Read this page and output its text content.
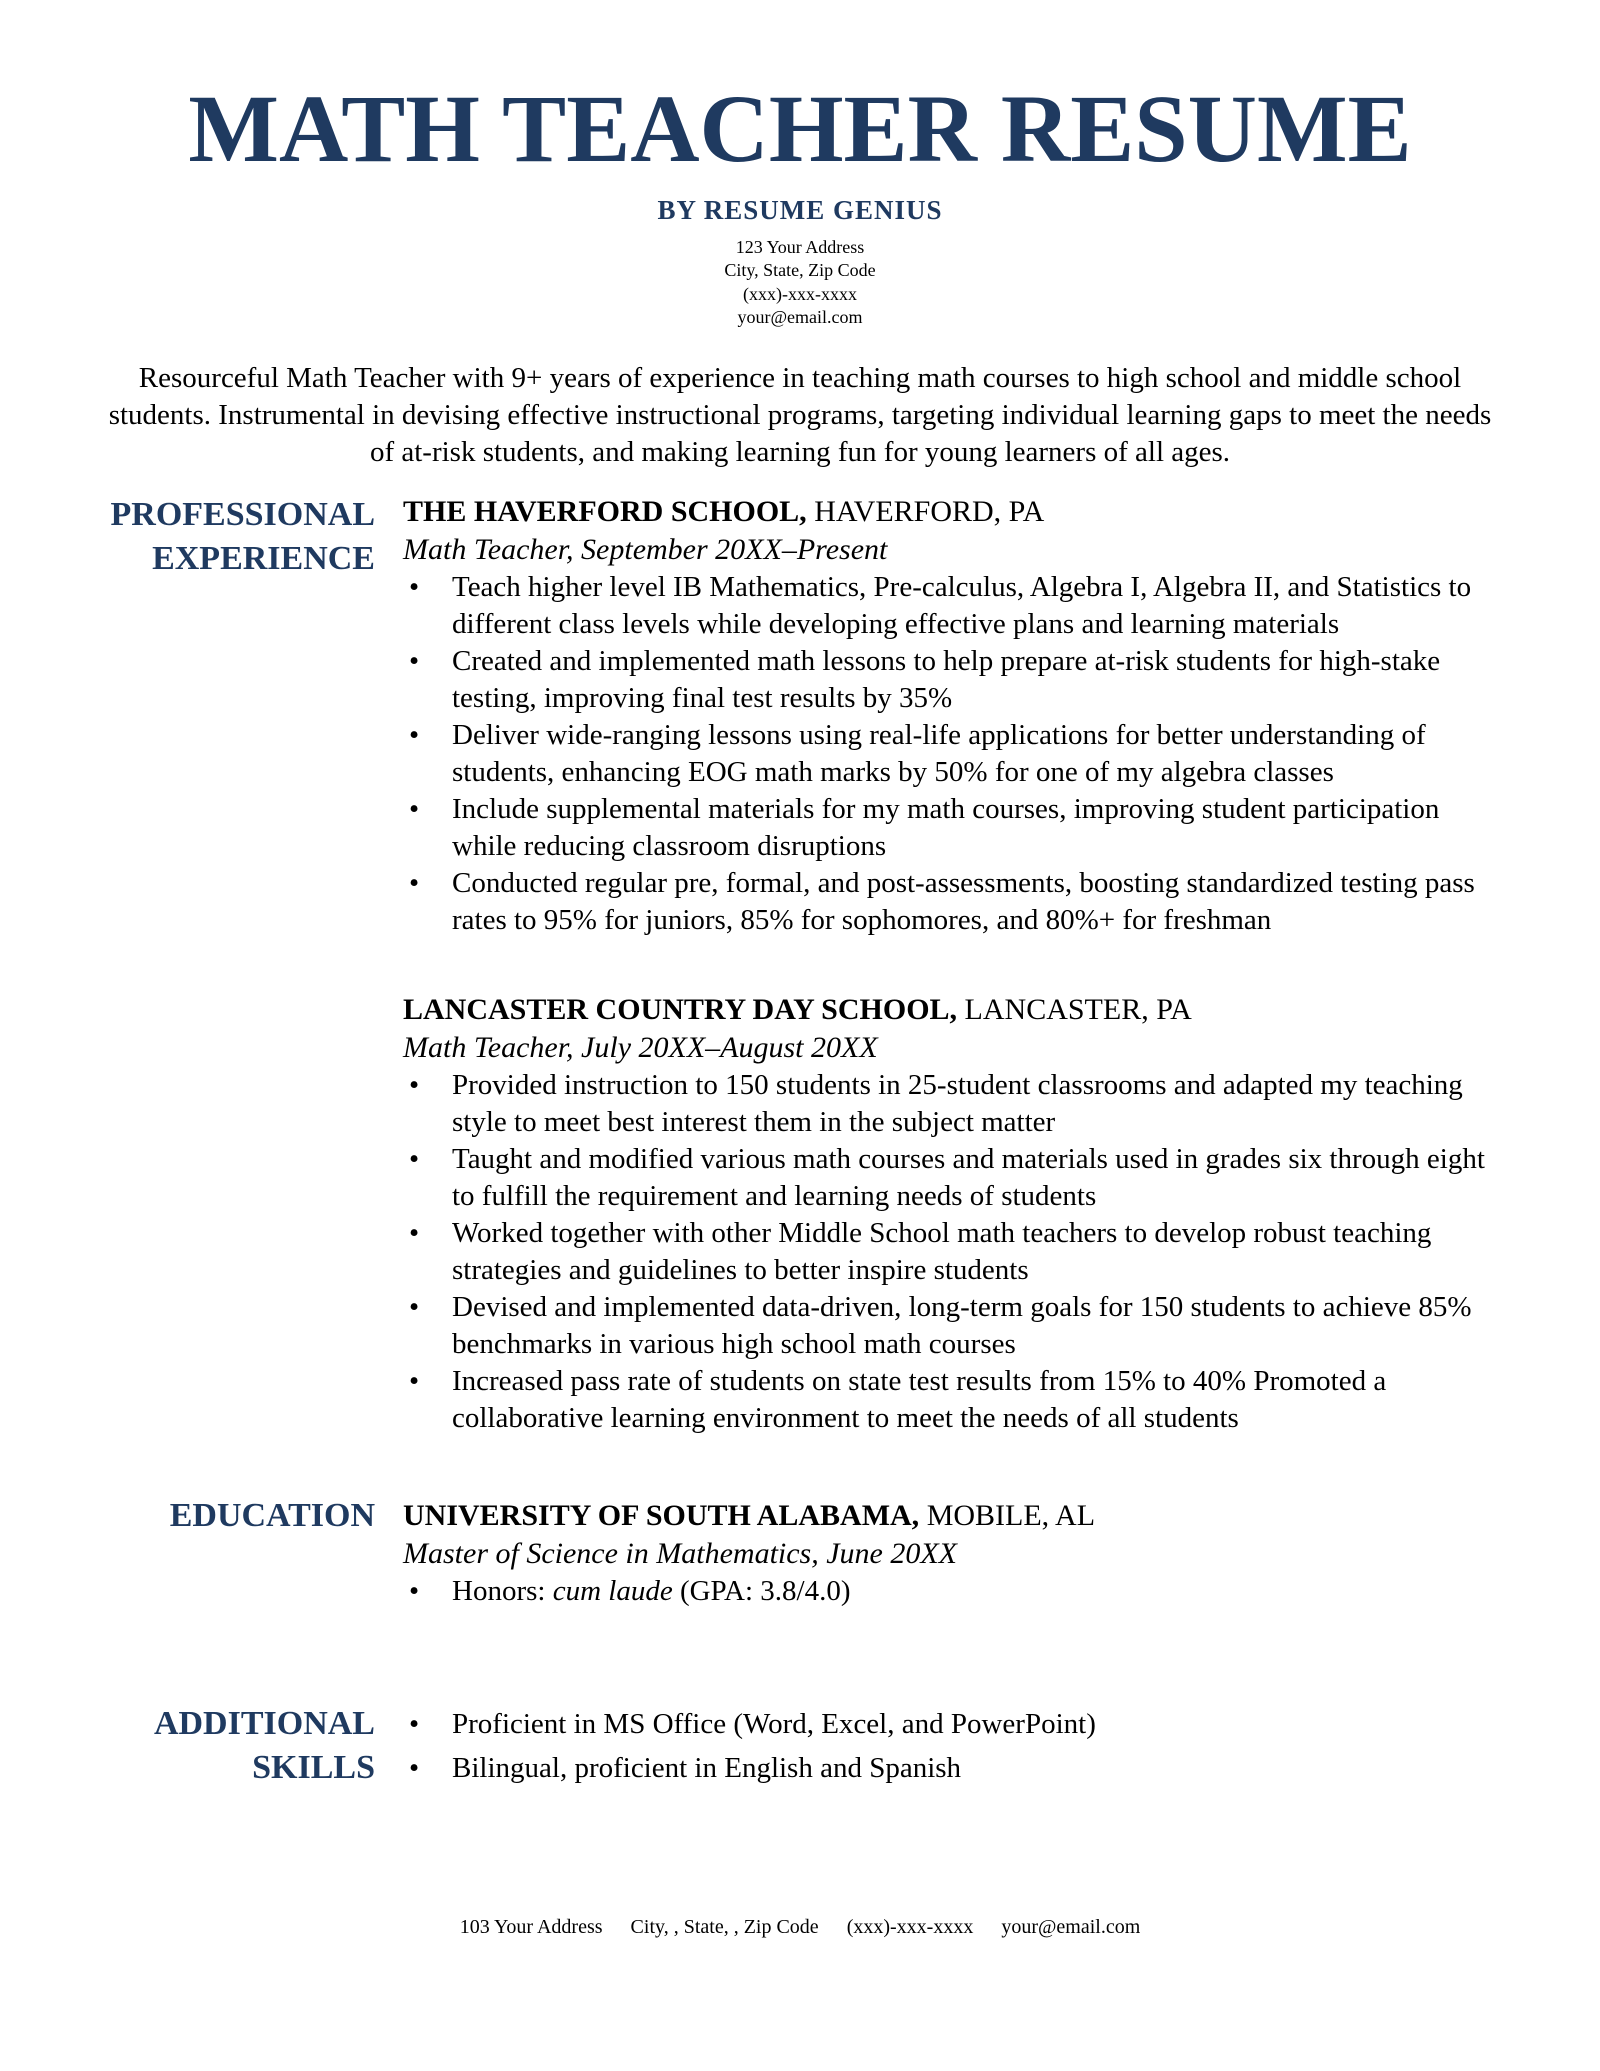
MATH TEACHER RESUME
BY RESUME GENIUS
123 Your Address
City, State, Zip Code
(xxx)-xxx-xxxx
your@email.com

Resourceful Math Teacher with 9+ years of experience in teaching math courses to high school and middle school students. Instrumental in devising effective instructional programs, targeting individual learning gaps to meet the needs of at-risk students, and making learning fun for young learners of all ages.

PROFESSIONAL EXPERIENCE
THE HAVERFORD SCHOOL, HAVERFORD, PA
Math Teacher, September 20XX–Present
• Teach higher level IB Mathematics, Pre-calculus, Algebra I, Algebra II, and Statistics to different class levels while developing effective plans and learning materials
• Created and implemented math lessons to help prepare at-risk students for high-stake testing, improving final test results by 35%
• Deliver wide-ranging lessons using real-life applications for better understanding of students, enhancing EOG math marks by 50% for one of my algebra classes
• Include supplemental materials for my math courses, improving student participation while reducing classroom disruptions
• Conducted regular pre, formal, and post-assessments, boosting standardized testing pass rates to 95% for juniors, 85% for sophomores, and 80%+ for freshman
LANCASTER COUNTRY DAY SCHOOL, LANCASTER, PA
Math Teacher, July 20XX–August 20XX
• Provided instruction to 150 students in 25-student classrooms and adapted my teaching style to meet best interest them in the subject matter
• Taught and modified various math courses and materials used in grades six through eight to fulfill the requirement and learning needs of students
• Worked together with other Middle School math teachers to develop robust teaching strategies and guidelines to better inspire students
• Devised and implemented data-driven, long-term goals for 150 students to achieve 85% benchmarks in various high school math courses
• Increased pass rate of students on state test results from 15% to 40% Promoted a collaborative learning environment to meet the needs of all students
EDUCATION UNIVERSITY OF SOUTH ALABAMA, MOBILE, AL
Master of Science in Mathematics, June 20XX
• Honors: cum laude (GPA: 3.8/4.0)
ADDITIONAL SKILLS
• Proficient in MS Office (Word, Excel, and PowerPoint)
• Bilingual, proficient in English and Spanish
103 Your Address City, , State, , Zip Code (xxx)-xxx-xxxx your@email.com
